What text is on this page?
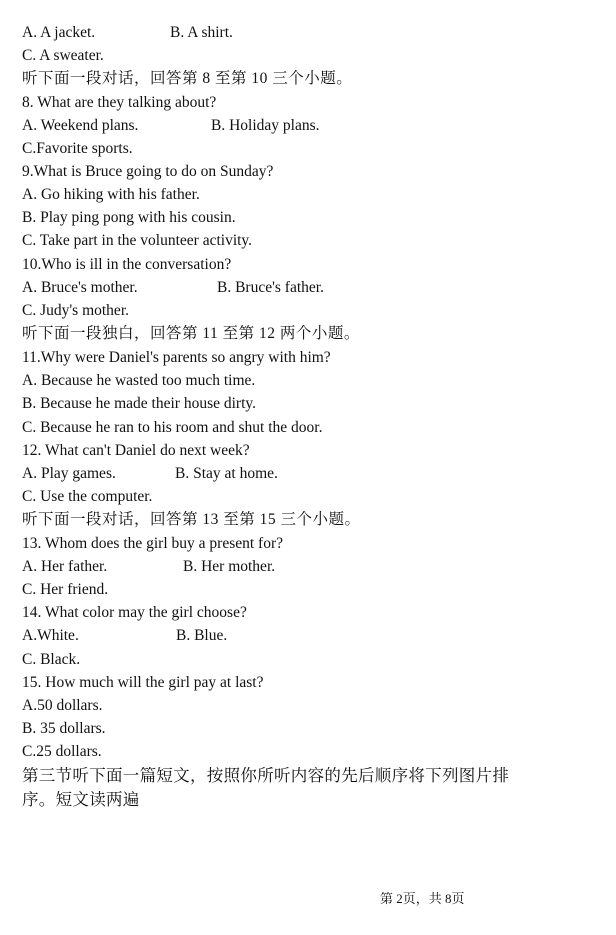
A. A jacket.	B. A shirt.
C. A sweater.
听下面一段对话，回答第 8 至第 10 三个小题。
8. What are they talking about?
A. Weekend plans.	B. Holiday plans.
C.Favorite sports.
9.What is Bruce going to do on Sunday?
A. Go hiking with his father.
B. Play ping pong with his cousin.
C. Take part in the volunteer activity.
10.Who is ill in the conversation?
A. Bruce's mother.	B. Bruce's father.
C. Judy's mother.
听下面一段独白，回答第 11 至第 12 两个小题。
11.Why were Daniel's parents so angry with him?
A. Because he wasted too much time.
B. Because he made their house dirty.
C. Because he ran to his room and shut the door.
12. What can't Daniel do next week?
A. Play games.	B. Stay at home.
C. Use the computer.
听下面一段对话，回答第 13 至第 15 三个小题。
13. Whom does the girl buy a present for?
A. Her father.	B. Her mother.
C. Her friend.
14. What color may the girl choose?
A.White.	B. Blue.
C. Black.
15. How much will the girl pay at last?
A.50 dollars.
B. 35 dollars.
C.25 dollars.
第三节听下面一篇短文，按照你所听内容的先后顺序将下列图片排
序。短文读两遍
第 2页，共 8页
